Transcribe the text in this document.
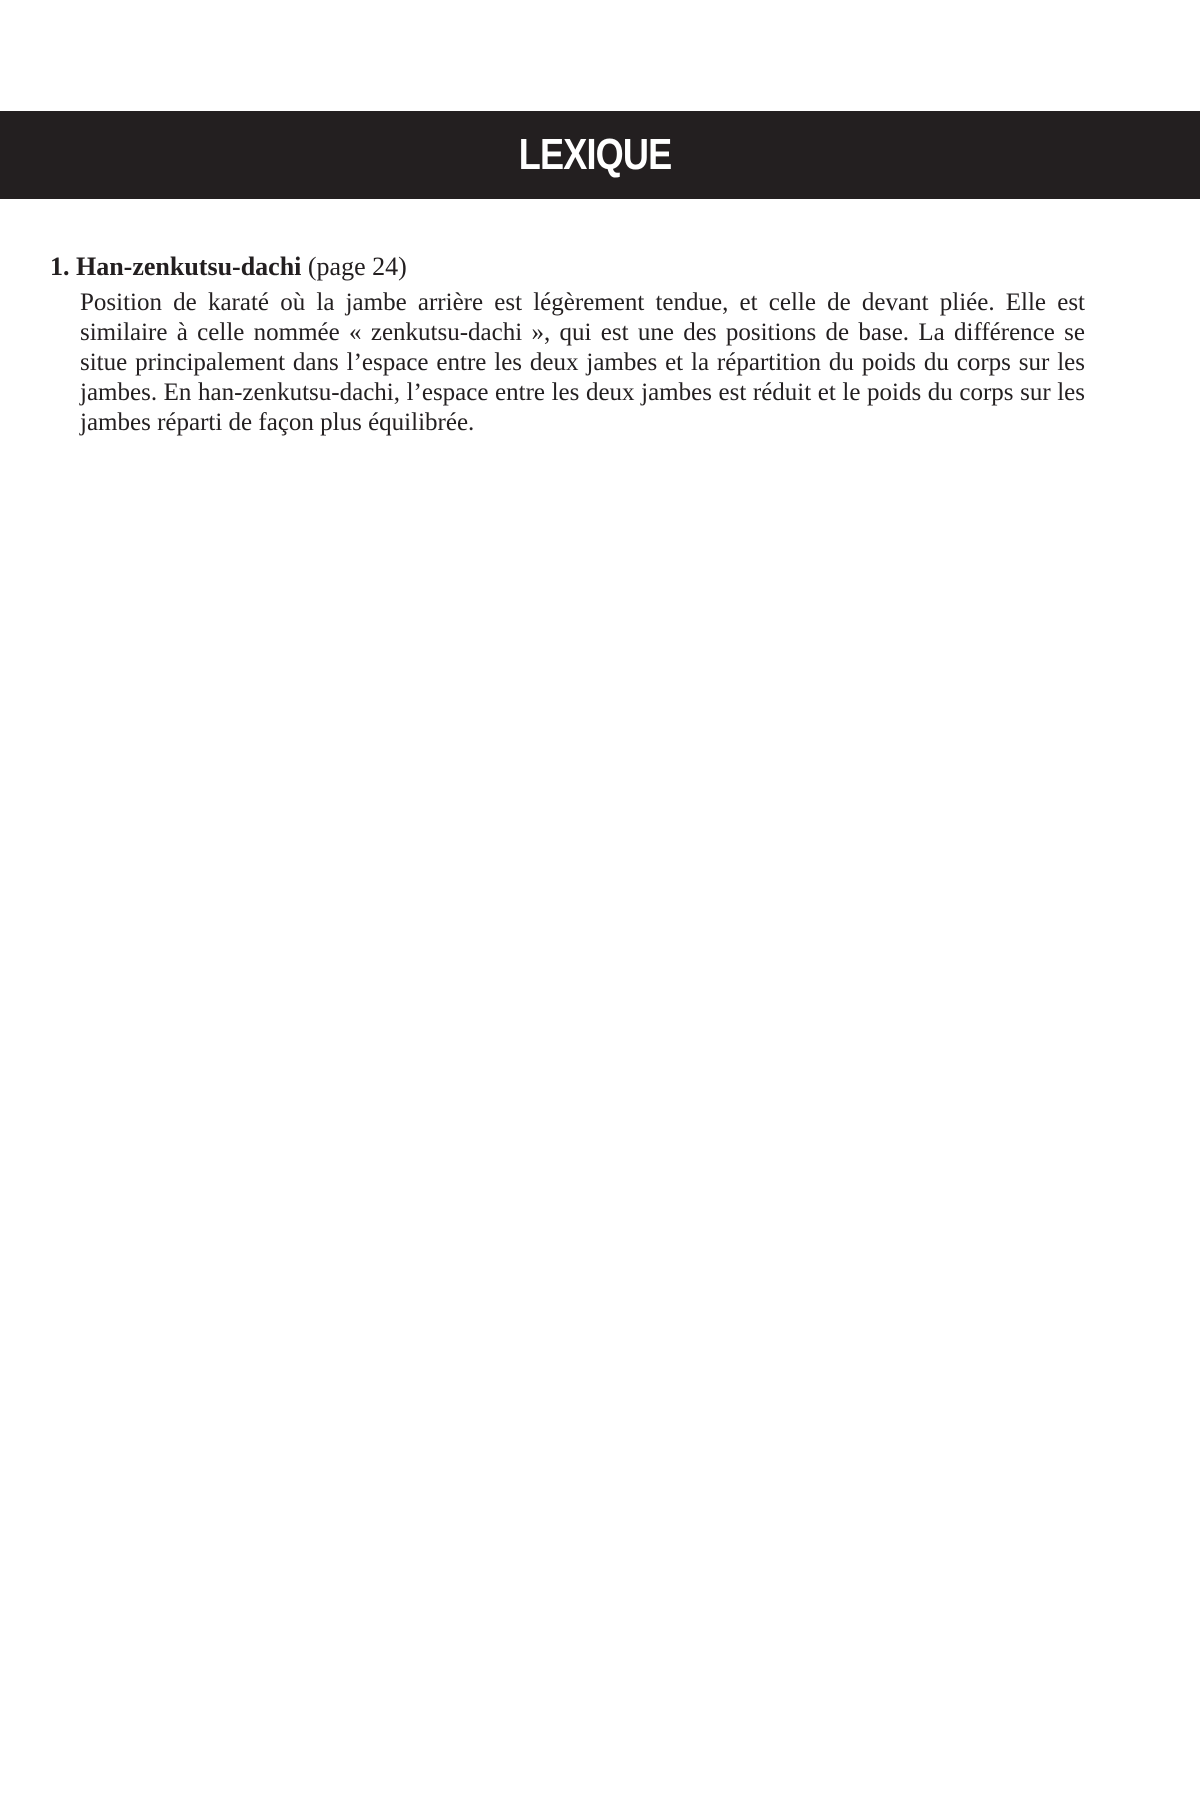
LEXIQUE

1. Han-zenkutsu-dachi (page 24)

Position de karaté où la jambe arrière est légèrement tendue, et celle de devant pliée. Elle est similaire à celle nommée « zenkutsu-dachi », qui est une des positions de base. La différence se situe principalement dans l’espace entre les deux jambes et la répartition du poids du corps sur les jambes. En han-zenkutsu-dachi, l’espace entre les deux jambes est réduit et le poids du corps sur les jambes réparti de façon plus équilibrée.
